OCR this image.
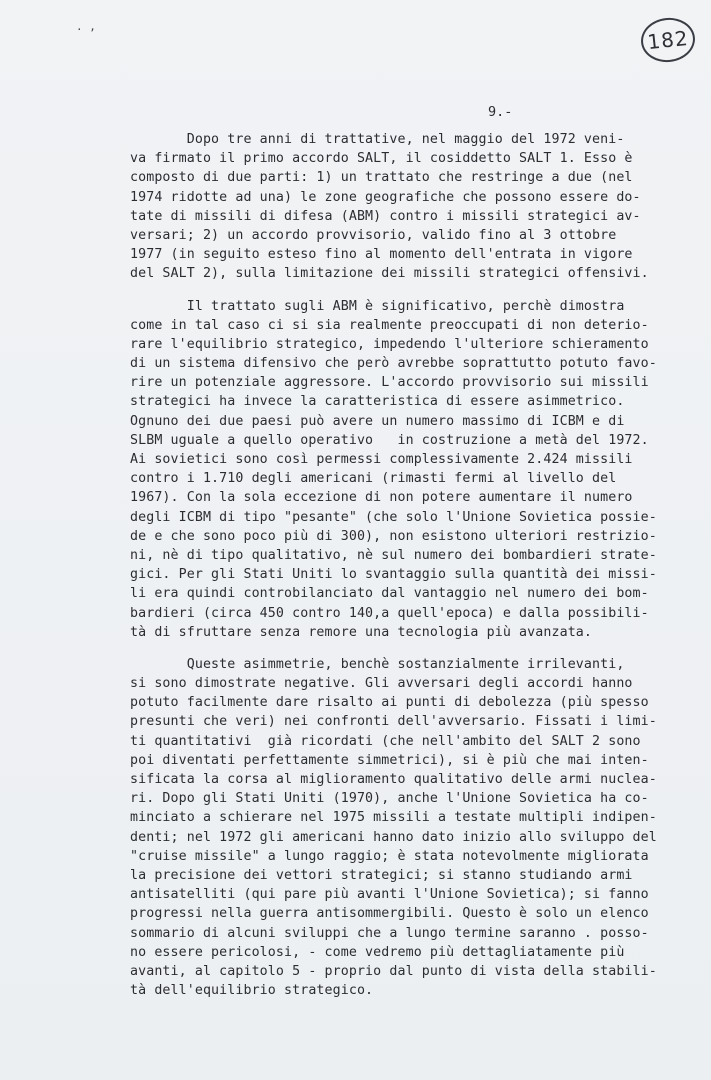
. ,	182
9.-

Dopo tre anni di trattative, nel maggio del 1972 veni-
va firmato il primo accordo SALT, il cosiddetto SALT 1. Esso è
composto di due parti: 1) un trattato che restringe a due (nel
1974 ridotte ad una) le zone geografiche che possono essere do-
tate di missili di difesa (ABM) contro i missili strategici av-
versari; 2) un accordo provvisorio, valido fino al 3 ottobre
1977 (in seguito esteso fino al momento dell'entrata in vigore
del SALT 2), sulla limitazione dei missili strategici offensivi.

Il trattato sugli ABM è significativo, perchè dimostra
come in tal caso ci si sia realmente preoccupati di non deterio-
rare l'equilibrio strategico, impedendo l'ulteriore schieramento
di un sistema difensivo che però avrebbe soprattutto potuto favo-
rire un potenziale aggressore. L'accordo provvisorio sui missili
strategici ha invece la caratteristica di essere asimmetrico.
Ognuno dei due paesi può avere un numero massimo di ICBM e di
SLBM uguale a quello operativo   in costruzione a metà del 1972.
Ai sovietici sono così permessi complessivamente 2.424 missili
contro i 1.710 degli americani (rimasti fermi al livello del
1967). Con la sola eccezione di non potere aumentare il numero
degli ICBM di tipo "pesante" (che solo l'Unione Sovietica possie-
de e che sono poco più di 300), non esistono ulteriori restrizio-
ni, nè di tipo qualitativo, nè sul numero dei bombardieri strate-
gici. Per gli Stati Uniti lo svantaggio sulla quantità dei missi-
li era quindi controbilanciato dal vantaggio nel numero dei bom-
bardieri (circa 450 contro 140,a quell'epoca) e dalla possibili-
tà di sfruttare senza remore una tecnologia più avanzata.

Queste asimmetrie, benchè sostanzialmente irrilevanti,
si sono dimostrate negative. Gli avversari degli accordi hanno
potuto facilmente dare risalto ai punti di debolezza (più spesso
presunti che veri) nei confronti dell'avversario. Fissati i limi-
ti quantitativi  già ricordati (che nell'ambito del SALT 2 sono
poi diventati perfettamente simmetrici), si è più che mai inten-
sificata la corsa al miglioramento qualitativo delle armi nuclea-
ri. Dopo gli Stati Uniti (1970), anche l'Unione Sovietica ha co-
minciato a schierare nel 1975 missili a testate multipli indipen-
denti; nel 1972 gli americani hanno dato inizio allo sviluppo del
"cruise missile" a lungo raggio; è stata notevolmente migliorata
la precisione dei vettori strategici; si stanno studiando armi
antisatelliti (qui pare più avanti l'Unione Sovietica); si fanno
progressi nella guerra antisommergibili. Questo è solo un elenco
sommario di alcuni sviluppi che a lungo termine saranno . posso-
no essere pericolosi, - come vedremo più dettagliatamente più
avanti, al capitolo 5 - proprio dal punto di vista della stabili-
tà dell'equilibrio strategico.
